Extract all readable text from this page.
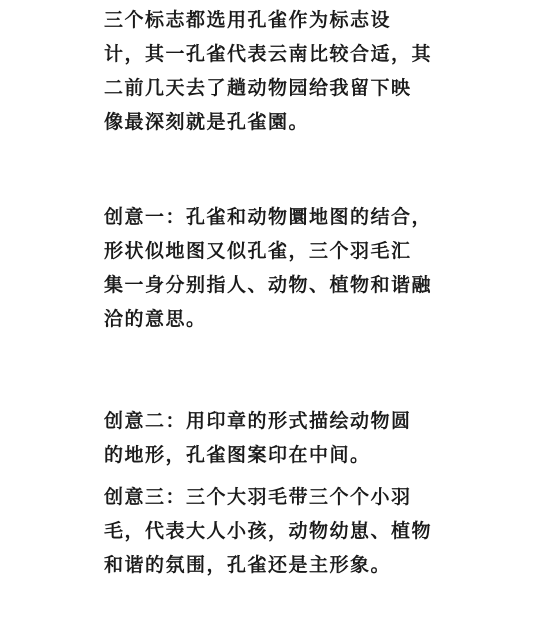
三个标志都选用孔雀作为标志设
计，其一孔雀代表云南比较合适，其
二前几天去了趟动物园给我留下映
像最深刻就是孔雀園。
创意一：孔雀和动物圜地图的结合，
形状似地图又似孔雀，三个羽毛汇
集一身分别指人、动物、植物和谐融
洽的意思。
创意二：用印章的形式描绘动物圆
的地形，孔雀图案印在中间。
创意三：三个大羽毛带三个个小羽
毛，代表大人小孩，动物幼崽、植物
和谐的氛围，孔雀还是主形象。
